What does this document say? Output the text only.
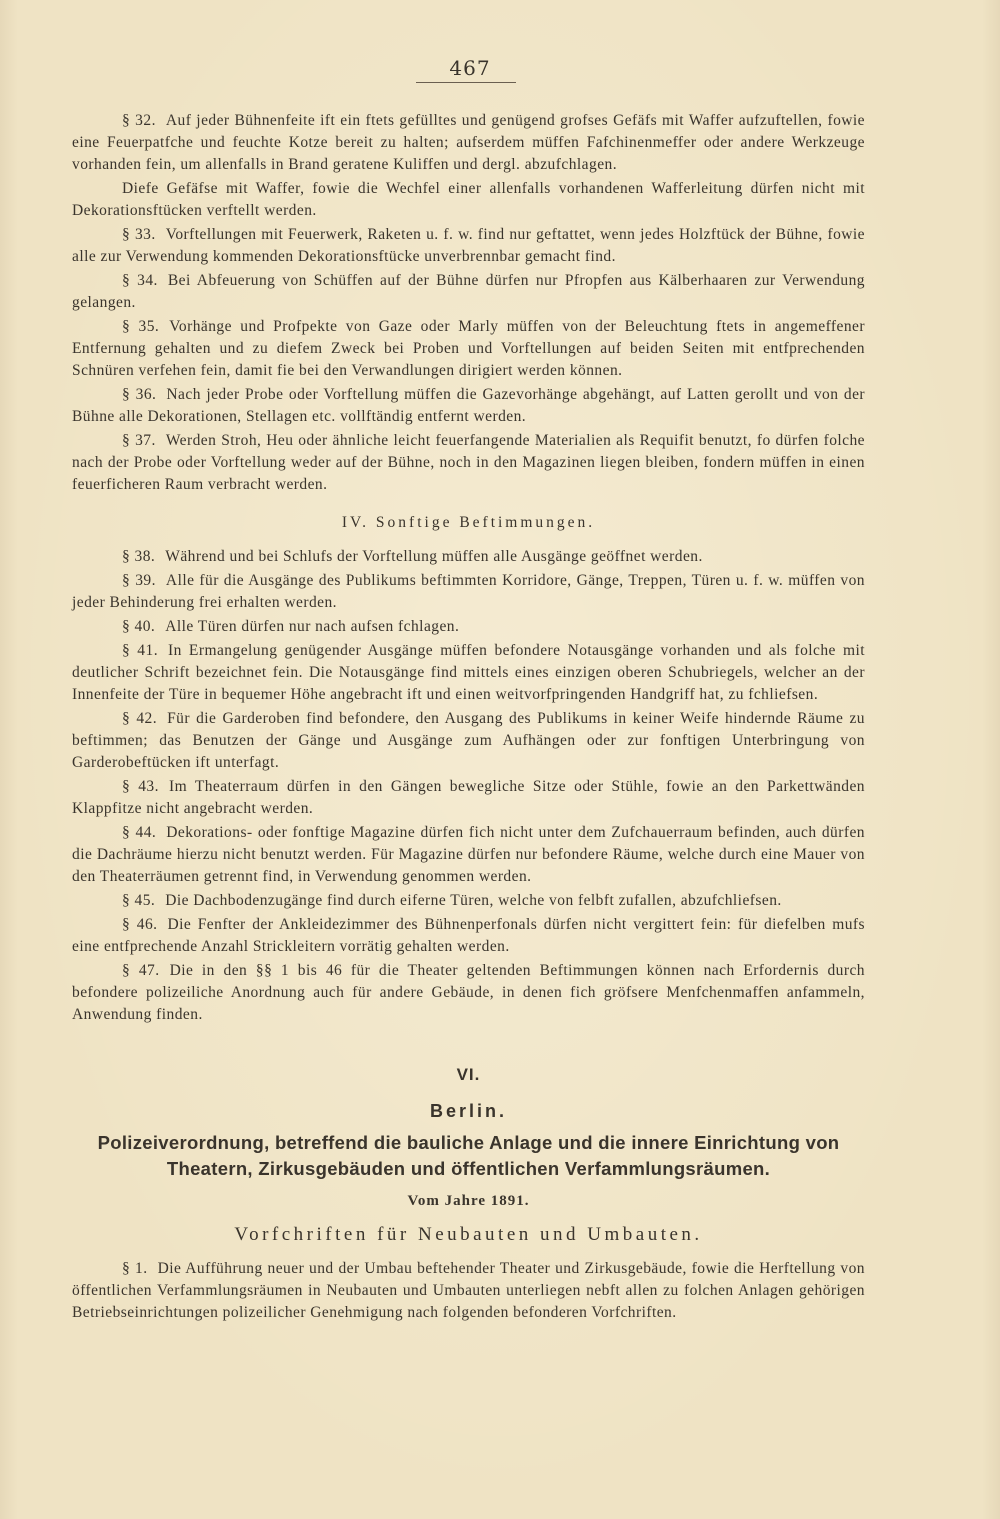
467
§ 32. Auf jeder Bühnenfeite ift ein ftets gefülltes und genügend grofses Gefäfs mit Waffer aufzuftellen, fowie eine Feuerpatfche und feuchte Kotze bereit zu halten; aufserdem müffen Fafchinenmeffer oder andere Werkzeuge vorhanden fein, um allenfalls in Brand geratene Kuliffen und dergl. abzufchlagen.
Diefe Gefäfse mit Waffer, fowie die Wechfel einer allenfalls vorhandenen Wafferleitung dürfen nicht mit Dekorationsftücken verftellt werden.
§ 33. Vorftellungen mit Feuerwerk, Raketen u. f. w. find nur geftattet, wenn jedes Holzftück der Bühne, fowie alle zur Verwendung kommenden Dekorationsftücke unverbrennbar gemacht find.
§ 34. Bei Abfeuerung von Schüffen auf der Bühne dürfen nur Pfropfen aus Kälberhaaren zur Verwendung gelangen.
§ 35. Vorhänge und Profpekte von Gaze oder Marly müffen von der Beleuchtung ftets in angemeffener Entfernung gehalten und zu diefem Zweck bei Proben und Vorftellungen auf beiden Seiten mit entfprechenden Schnüren verfehen fein, damit fie bei den Verwandlungen dirigiert werden können.
§ 36. Nach jeder Probe oder Vorftellung müffen die Gazevorhänge abgehängt, auf Latten gerollt und von der Bühne alle Dekorationen, Stellagen etc. vollftändig entfernt werden.
§ 37. Werden Stroh, Heu oder ähnliche leicht feuerfangende Materialien als Requifit benutzt, fo dürfen folche nach der Probe oder Vorftellung weder auf der Bühne, noch in den Magazinen liegen bleiben, fondern müffen in einen feuerficheren Raum verbracht werden.
IV. Sonftige Beftimmungen.
§ 38. Während und bei Schlufs der Vorftellung müffen alle Ausgänge geöffnet werden.
§ 39. Alle für die Ausgänge des Publikums beftimmten Korridore, Gänge, Treppen, Türen u. f. w. müffen von jeder Behinderung frei erhalten werden.
§ 40. Alle Türen dürfen nur nach aufsen fchlagen.
§ 41. In Ermangelung genügender Ausgänge müffen befondere Notausgänge vorhanden und als folche mit deutlicher Schrift bezeichnet fein. Die Notausgänge find mittels eines einzigen oberen Schubriegels, welcher an der Innenfeite der Türe in bequemer Höhe angebracht ift und einen weitvorfpringenden Handgriff hat, zu fchliefsen.
§ 42. Für die Garderoben find befondere, den Ausgang des Publikums in keiner Weife hindernde Räume zu beftimmen; das Benutzen der Gänge und Ausgänge zum Aufhängen oder zur fonftigen Unterbringung von Garderobeftücken ift unterfagt.
§ 43. Im Theaterraum dürfen in den Gängen bewegliche Sitze oder Stühle, fowie an den Parkettwänden Klappfitze nicht angebracht werden.
§ 44. Dekorations- oder fonftige Magazine dürfen fich nicht unter dem Zufchauerraum befinden, auch dürfen die Dachräume hierzu nicht benutzt werden. Für Magazine dürfen nur befondere Räume, welche durch eine Mauer von den Theaterräumen getrennt find, in Verwendung genommen werden.
§ 45. Die Dachbodenzugänge find durch eiferne Türen, welche von felbft zufallen, abzufchliefsen.
§ 46. Die Fenfter der Ankleidezimmer des Bühnenperfonals dürfen nicht vergittert fein: für diefelben mufs eine entfprechende Anzahl Strickleitern vorrätig gehalten werden.
§ 47. Die in den §§ 1 bis 46 für die Theater geltenden Beftimmungen können nach Erfordernis durch befondere polizeiliche Anordnung auch für andere Gebäude, in denen fich gröfsere Menfchenmaffen anfammeln, Anwendung finden.
VI.
Berlin.
Polizeiverordnung, betreffend die bauliche Anlage und die innere Einrichtung von Theatern, Zirkusgebäuden und öffentlichen Verfammlungsräumen.
Vom Jahre 1891.
Vorfchriften für Neubauten und Umbauten.
§ 1. Die Aufführung neuer und der Umbau beftehender Theater und Zirkusgebäude, fowie die Herftellung von öffentlichen Verfammlungsräumen in Neubauten und Umbauten unterliegen nebft allen zu folchen Anlagen gehörigen Betriebseinrichtungen polizeilicher Genehmigung nach folgenden befonderen Vorfchriften.
